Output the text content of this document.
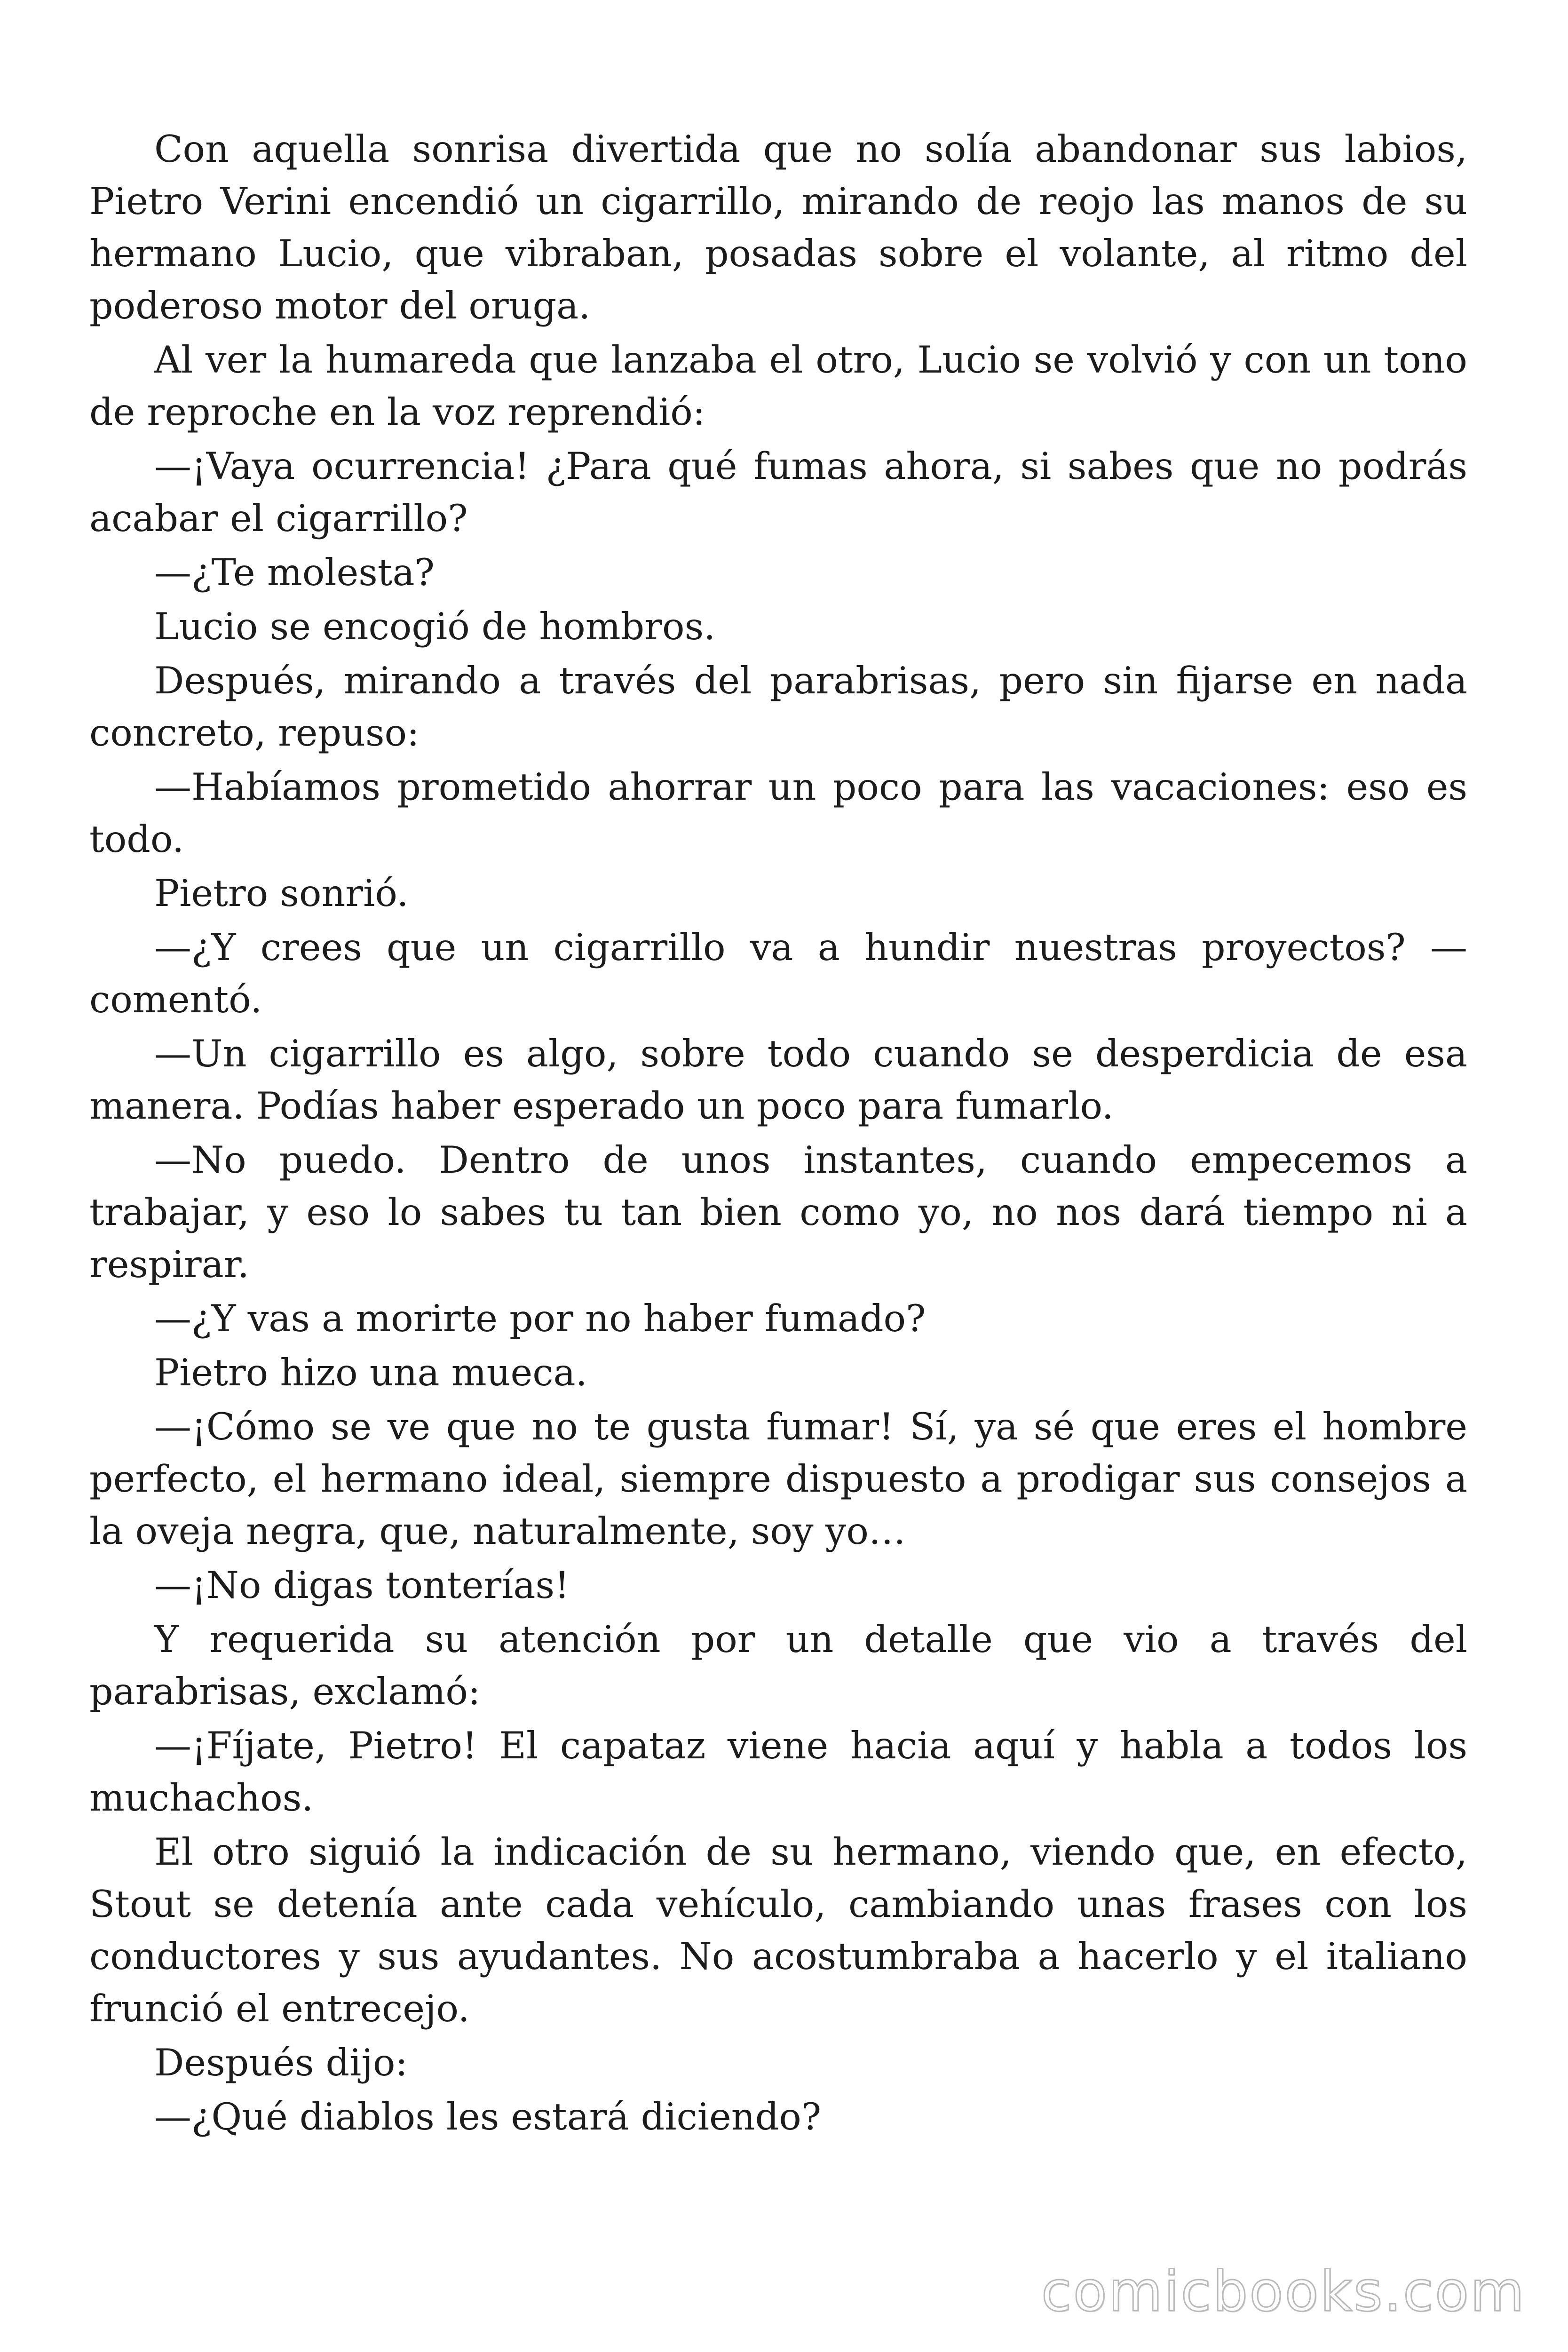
Con aquella sonrisa divertida que no solía abandonar sus labios, Pietro Verini encendió un cigarrillo, mirando de reojo las manos de su hermano Lucio, que vibraban, posadas sobre el volante, al ritmo del poderoso motor del oruga.

Al ver la humareda que lanzaba el otro, Lucio se volvió y con un tono de reproche en la voz reprendió:

—¡Vaya ocurrencia! ¿Para qué fumas ahora, si sabes que no podrás acabar el cigarrillo?

—¿Te molesta?

Lucio se encogió de hombros.

Después, mirando a través del parabrisas, pero sin fijarse en nada concreto, repuso:

—Habíamos prometido ahorrar un poco para las vacaciones: eso es todo.

Pietro sonrió.

—¿Y crees que un cigarrillo va a hundir nuestras proyectos? —comentó.

—Un cigarrillo es algo, sobre todo cuando se desperdicia de esa manera. Podías haber esperado un poco para fumarlo.

—No puedo. Dentro de unos instantes, cuando empecemos a trabajar, y eso lo sabes tu tan bien como yo, no nos dará tiempo ni a respirar.

—¿Y vas a morirte por no haber fumado?

Pietro hizo una mueca.

—¡Cómo se ve que no te gusta fumar! Sí, ya sé que eres el hombre perfecto, el hermano ideal, siempre dispuesto a prodigar sus consejos a la oveja negra, que, naturalmente, soy yo…

—¡No digas tonterías!

Y requerida su atención por un detalle que vio a través del parabrisas, exclamó:

—¡Fíjate, Pietro! El capataz viene hacia aquí y habla a todos los muchachos.

El otro siguió la indicación de su hermano, viendo que, en efecto, Stout se detenía ante cada vehículo, cambiando unas frases con los conductores y sus ayudantes. No acostumbraba a hacerlo y el italiano frunció el entrecejo.

Después dijo:

—¿Qué diablos les estará diciendo?

comicbooks.com
